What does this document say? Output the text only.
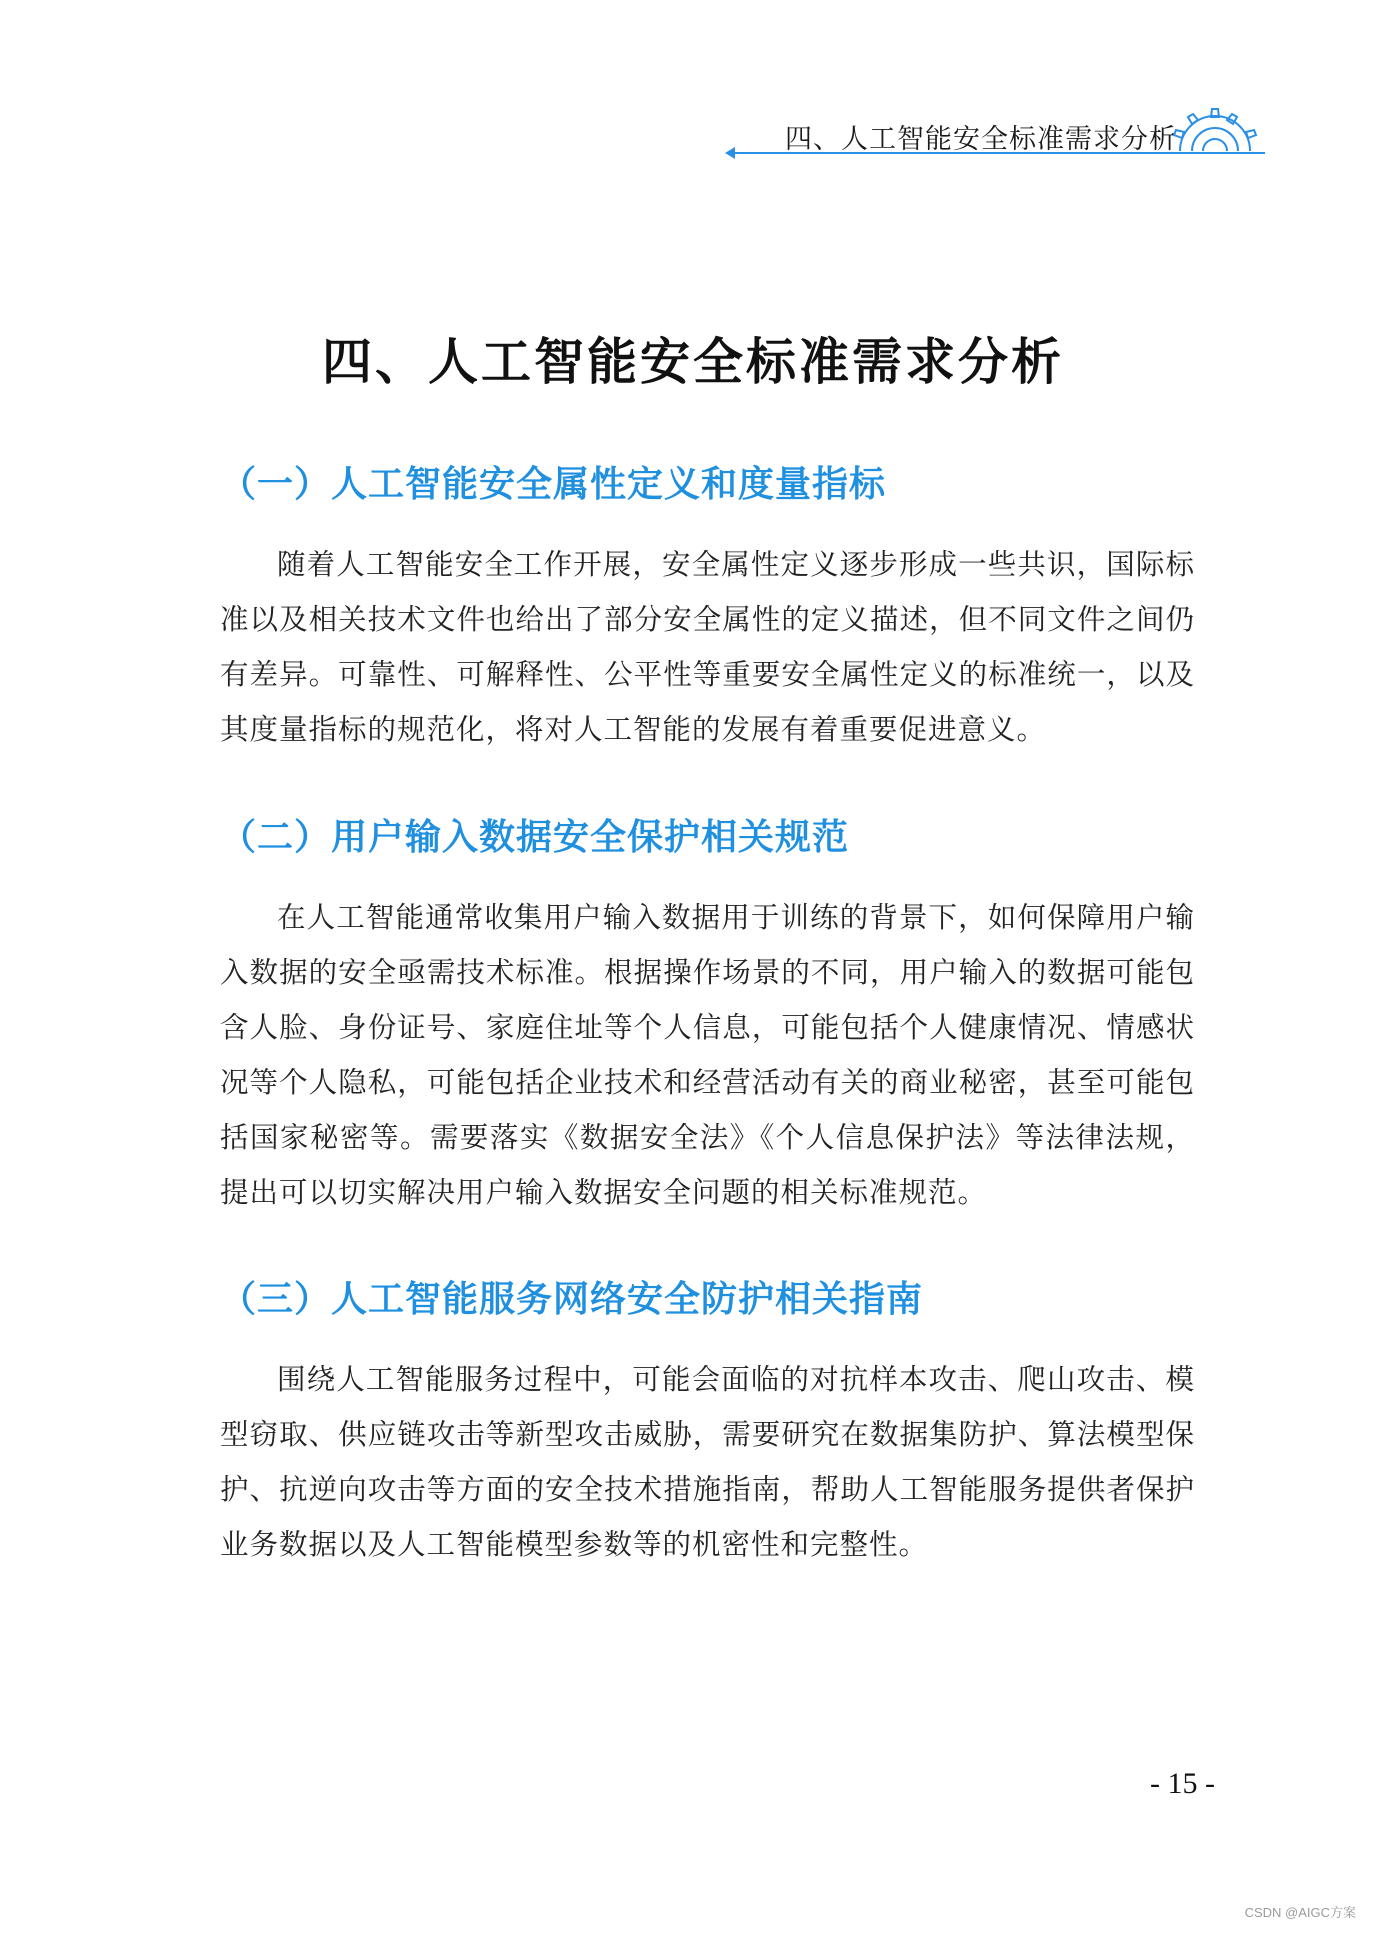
四、人工智能安全标准需求分析
四、人工智能安全标准需求分析
（一）人工智能安全属性定义和度量指标

随着人工智能安全工作开展，安全属性定义逐步形成一些共识，国际标准以及相关技术文件也给出了部分安全属性的定义描述，但不同文件之间仍有差异。可靠性、可解释性、公平性等重要安全属性定义的标准统一，以及其度量指标的规范化，将对人工智能的发展有着重要促进意义。

（二）用户输入数据安全保护相关规范

在人工智能通常收集用户输入数据用于训练的背景下，如何保障用户输入数据的安全亟需技术标准。根据操作场景的不同，用户输入的数据可能包含人脸、身份证号、家庭住址等个人信息，可能包括个人健康情况、情感状况等个人隐私，可能包括企业技术和经营活动有关的商业秘密，甚至可能包括国家秘密等。需要落实《数据安全法》《个人信息保护法》等法律法规，提出可以切实解决用户输入数据安全问题的相关标准规范。

（三）人工智能服务网络安全防护相关指南

围绕人工智能服务过程中，可能会面临的对抗样本攻击、爬山攻击、模型窃取、供应链攻击等新型攻击威胁，需要研究在数据集防护、算法模型保护、抗逆向攻击等方面的安全技术措施指南，帮助人工智能服务提供者保护业务数据以及人工智能模型参数等的机密性和完整性。

- 15 -
CSDN @AIGC方案
